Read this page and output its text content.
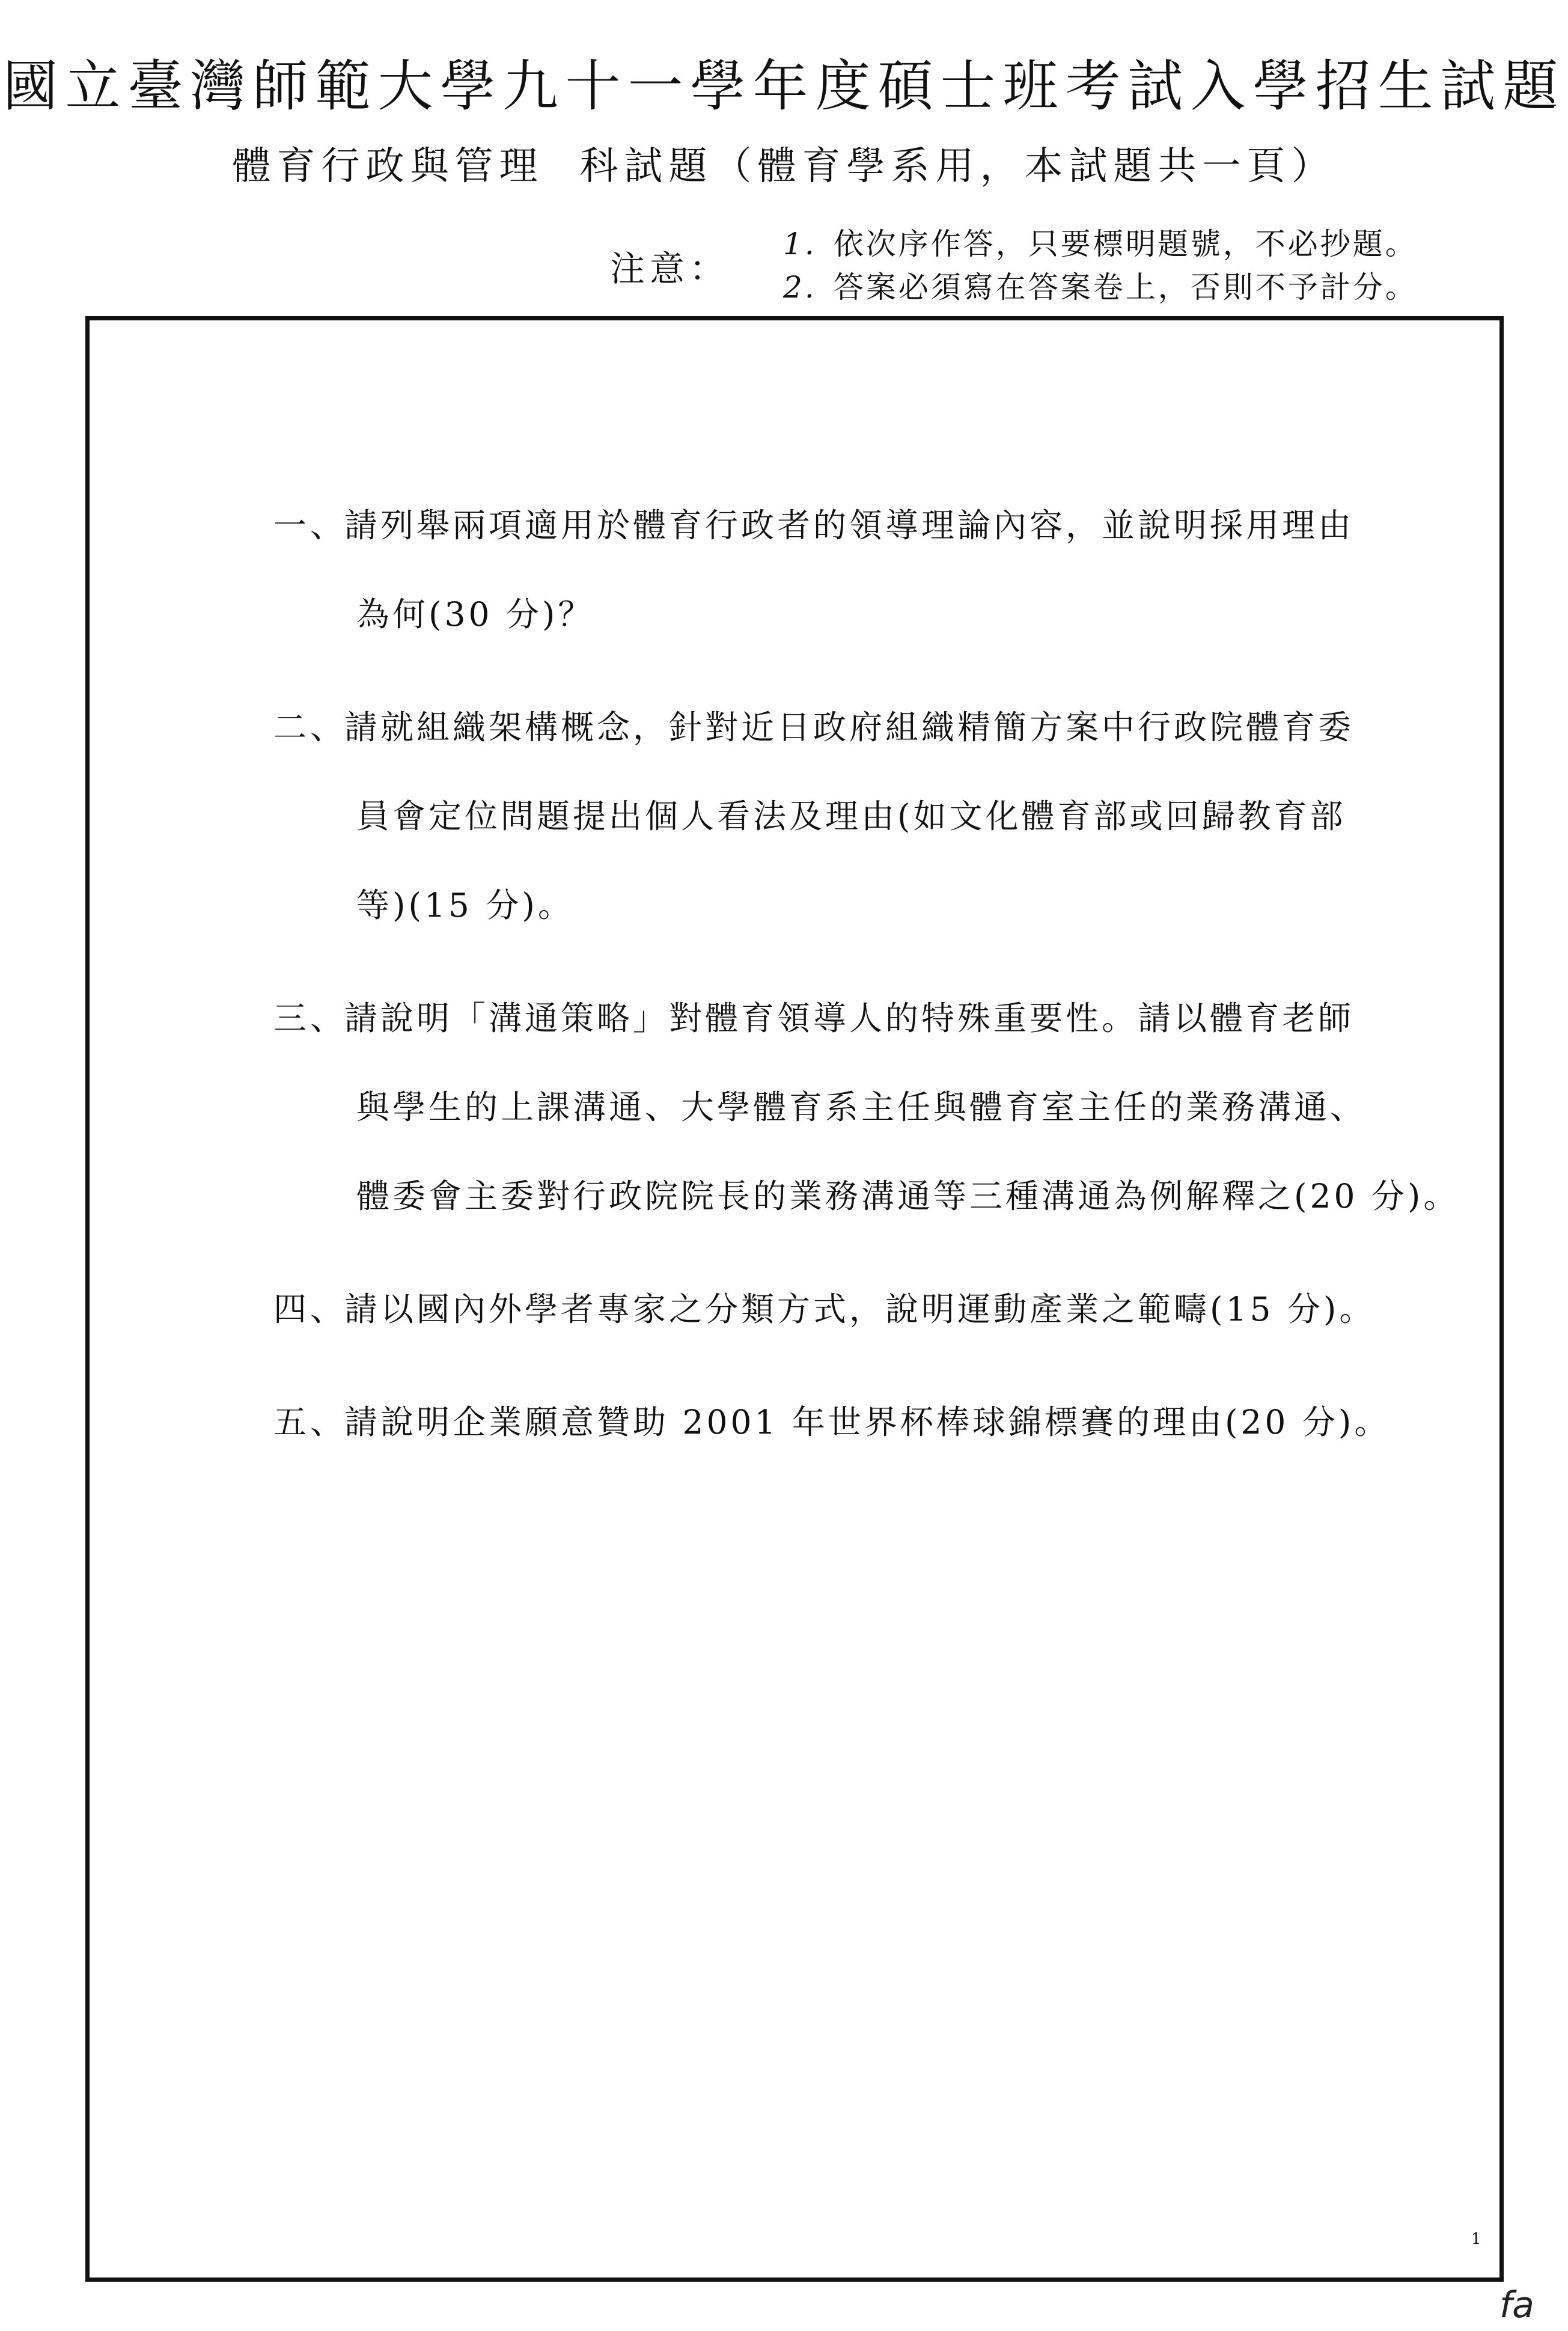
國立臺灣師範大學九十一學年度碩士班考試入學招生試題
體育行政與管理 科試題（體育學系用，本試題共一頁）
注意：
1. 依次序作答，只要標明題號，不必抄題。
2. 答案必須寫在答案卷上，否則不予計分。
一、
請列舉兩項適用於體育行政者的領導理論內容，並說明採用理由
為何(30 分)？
二、
請就組織架構概念，針對近日政府組織精簡方案中行政院體育委
員會定位問題提出個人看法及理由(如文化體育部或回歸教育部
等)(15 分)。
三、
請說明「溝通策略」對體育領導人的特殊重要性。請以體育老師
與學生的上課溝通、大學體育系主任與體育室主任的業務溝通、
體委會主委對行政院院長的業務溝通等三種溝通為例解釋之(20 分)。
四、
請以國內外學者專家之分類方式，說明運動產業之範疇(15 分)。
五、
請說明企業願意贊助 2001 年世界杯棒球錦標賽的理由(20 分)。
1
fa
